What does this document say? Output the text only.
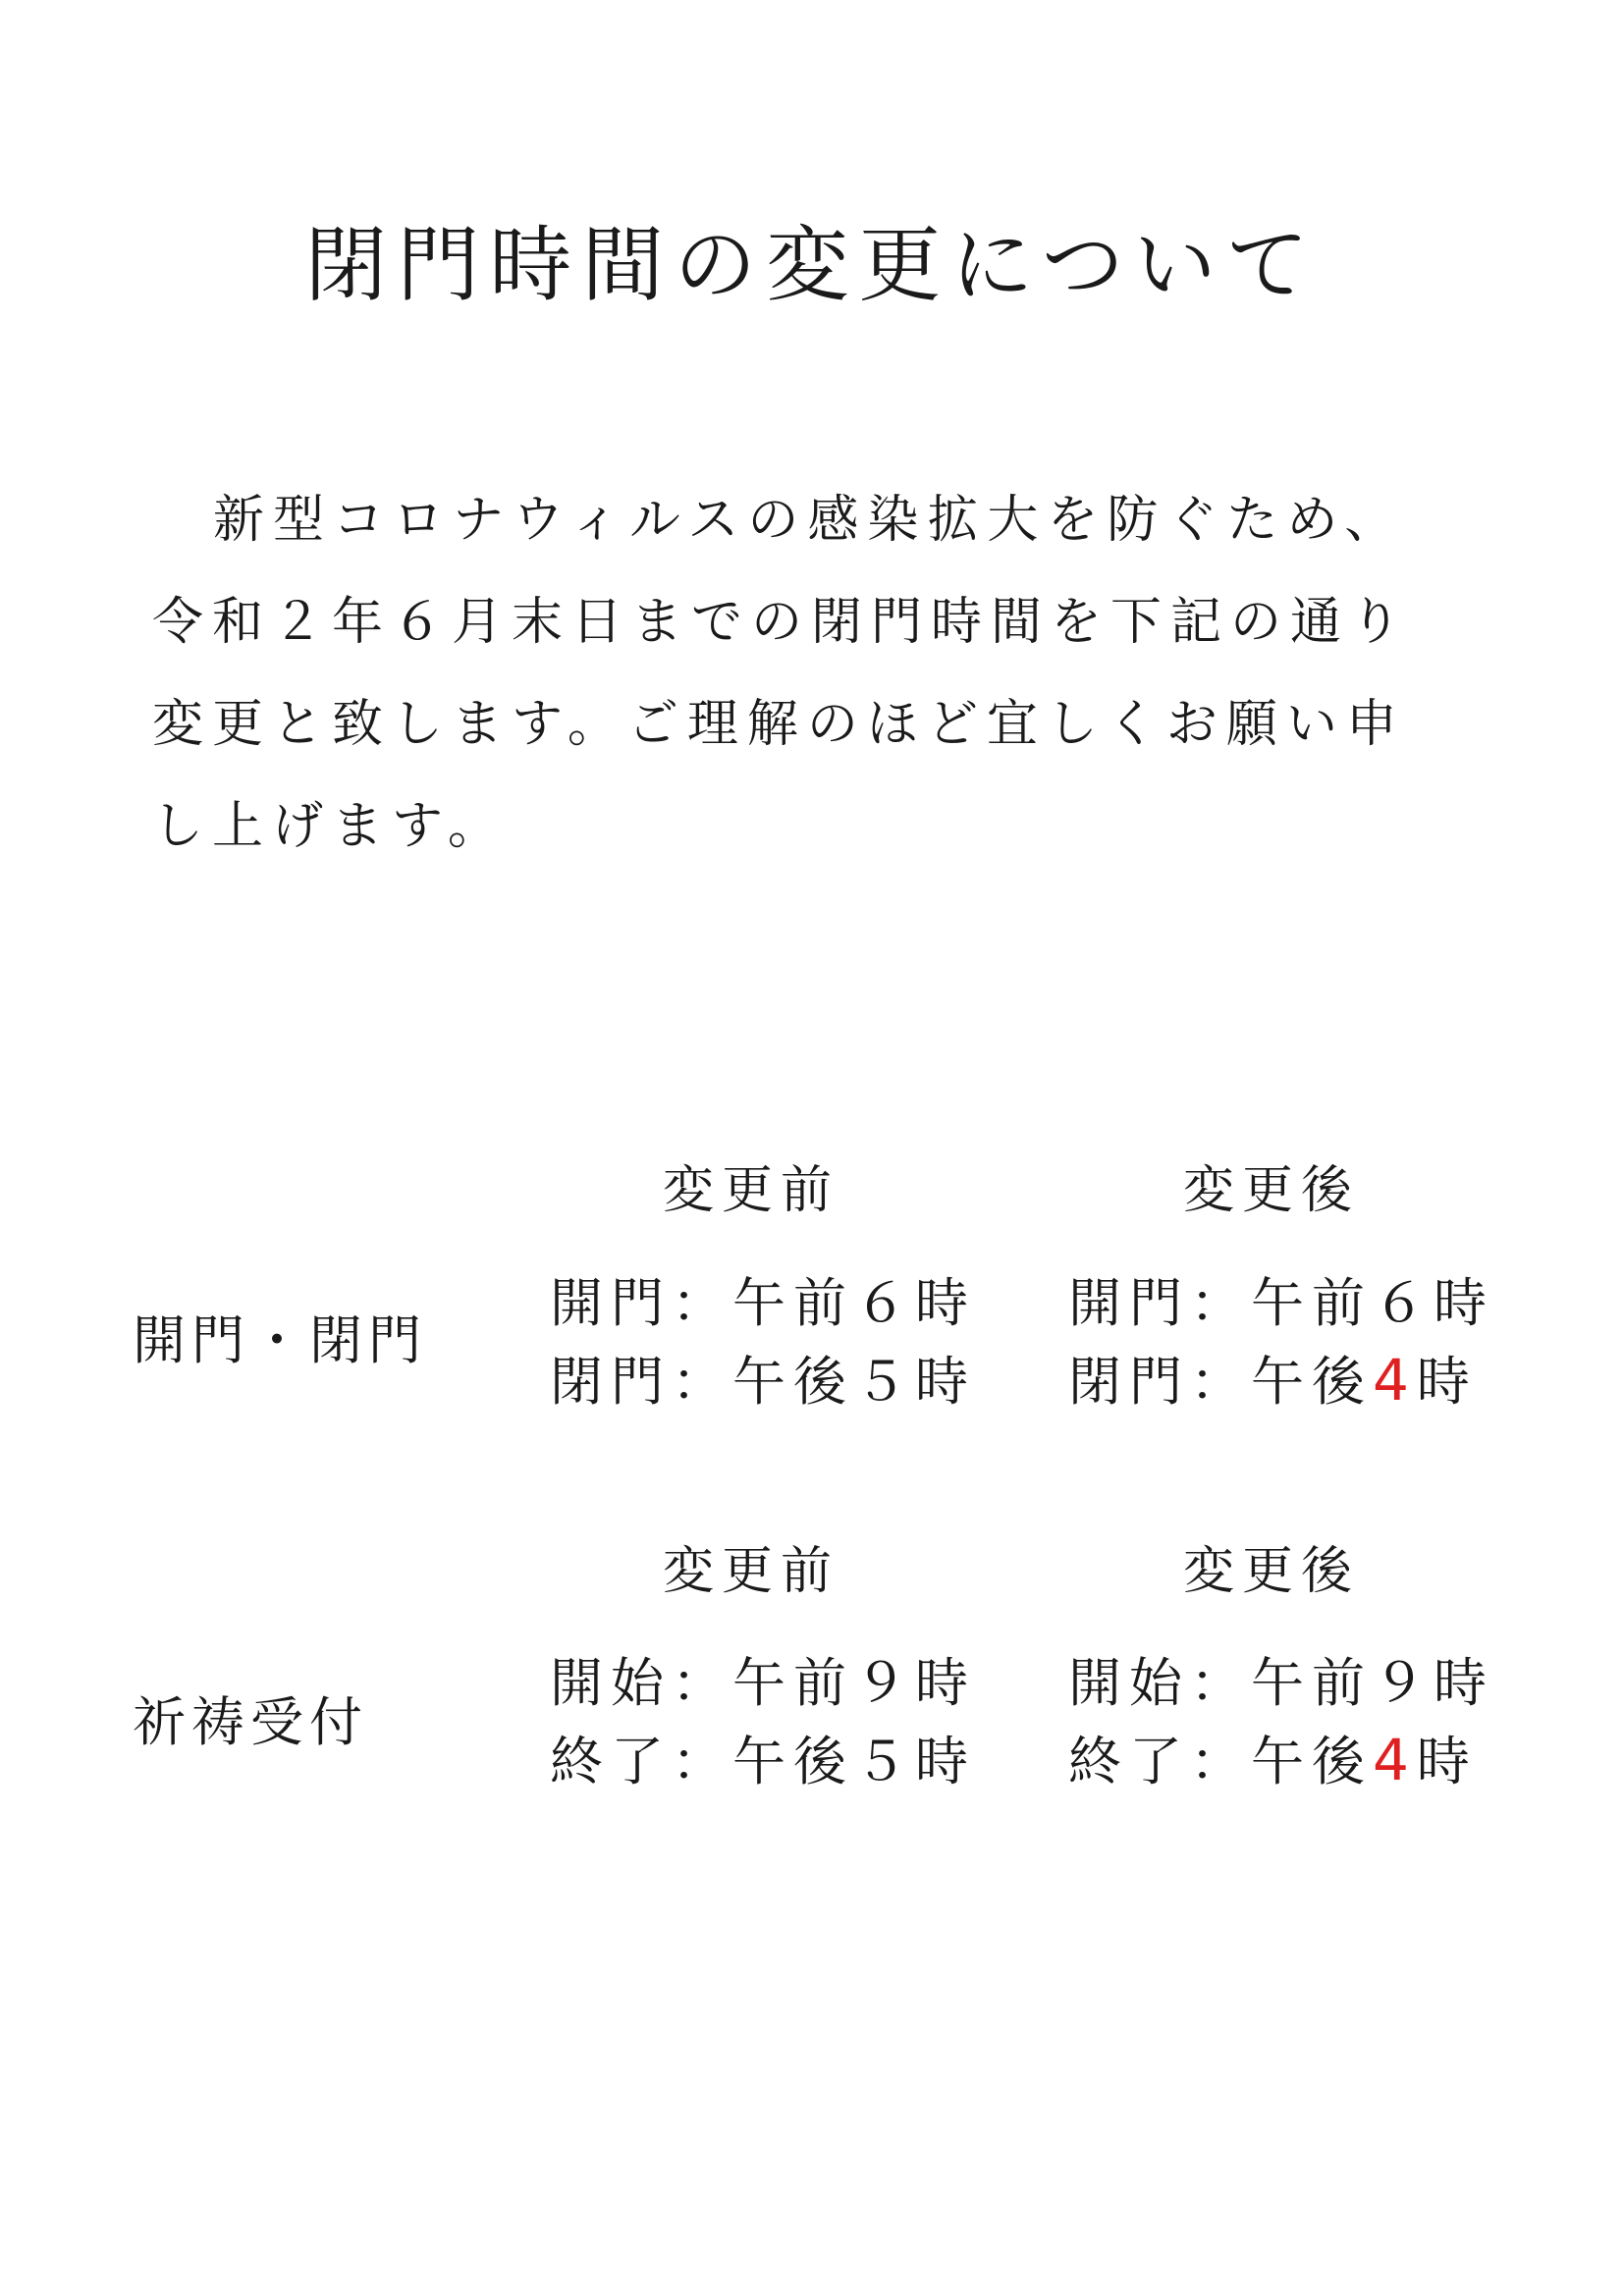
閉門時間の変更について

新型コロナウィルスの感染拡大を防ぐため、
令和２年６月末日までの閉門時間を下記の通り
変更と致します。ご理解のほど宜しくお願い申
し上げます。

変更前	変更後
開門・閉門
開門：午前６時
閉門：午後５時
開門：午前６時
閉門：午後4時
変更前	変更後
祈祷受付
開始：午前９時
終了：午後５時
開始：午前９時
終了：午後4時
